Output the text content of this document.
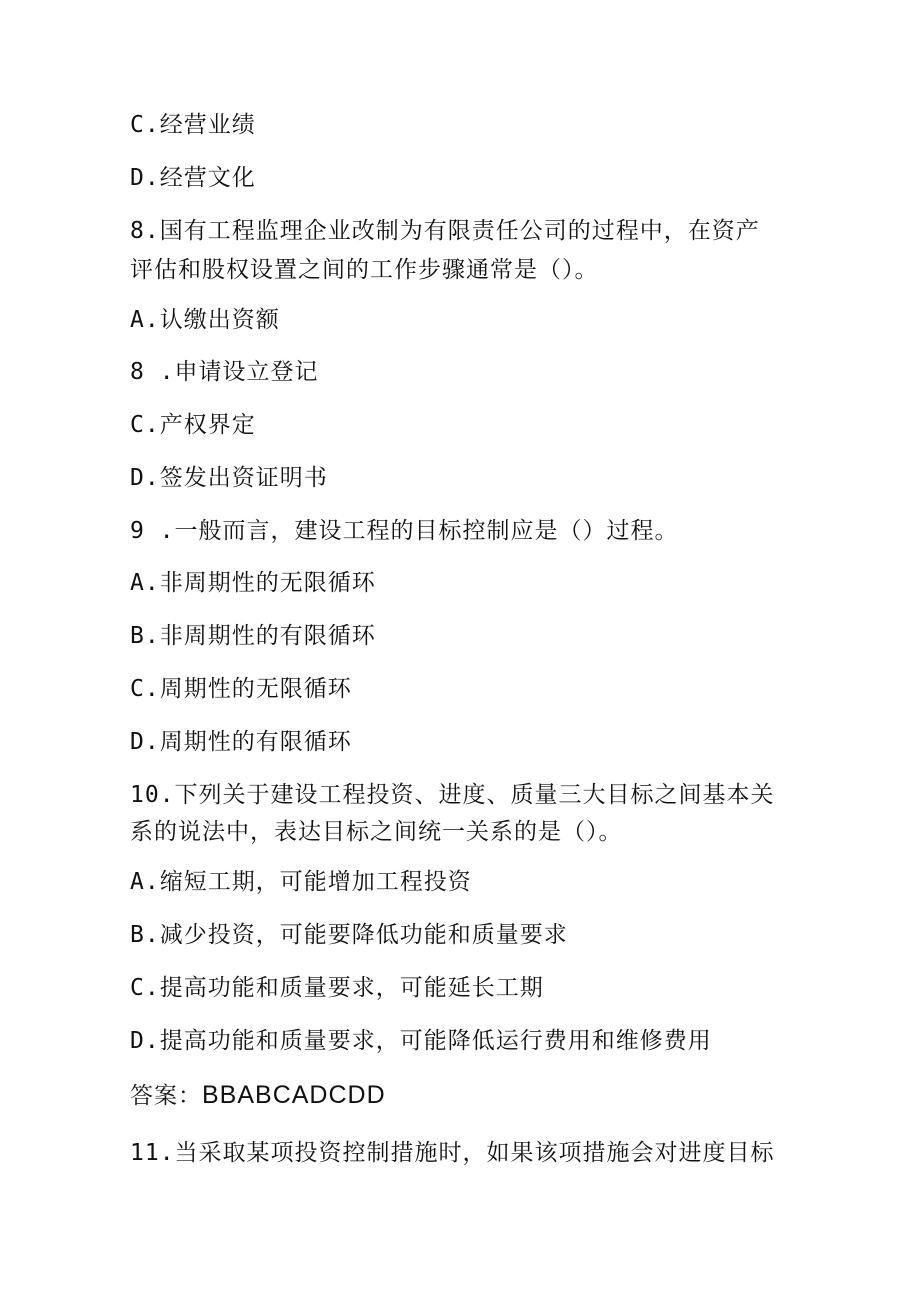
C.经营业绩
D.经营文化
8.国有工程监理企业改制为有限责任公司的过程中，在资产
评估和股权设置之间的工作步骤通常是（）。
A.认缴出资额
8 .申请设立登记
C.产权界定
D.签发出资证明书
9 .一般而言，建设工程的目标控制应是（）过程。
A.非周期性的无限循环
B.非周期性的有限循环
C.周期性的无限循环
D.周期性的有限循环
10.下列关于建设工程投资、进度、质量三大目标之间基本关
系的说法中，表达目标之间统一关系的是（）。
A.缩短工期，可能增加工程投资
B.减少投资，可能要降低功能和质量要求
C.提高功能和质量要求，可能延长工期
D.提高功能和质量要求，可能降低运行费用和维修费用
答案：BBABCADCDD
11.当采取某项投资控制措施时，如果该项措施会对进度目标
